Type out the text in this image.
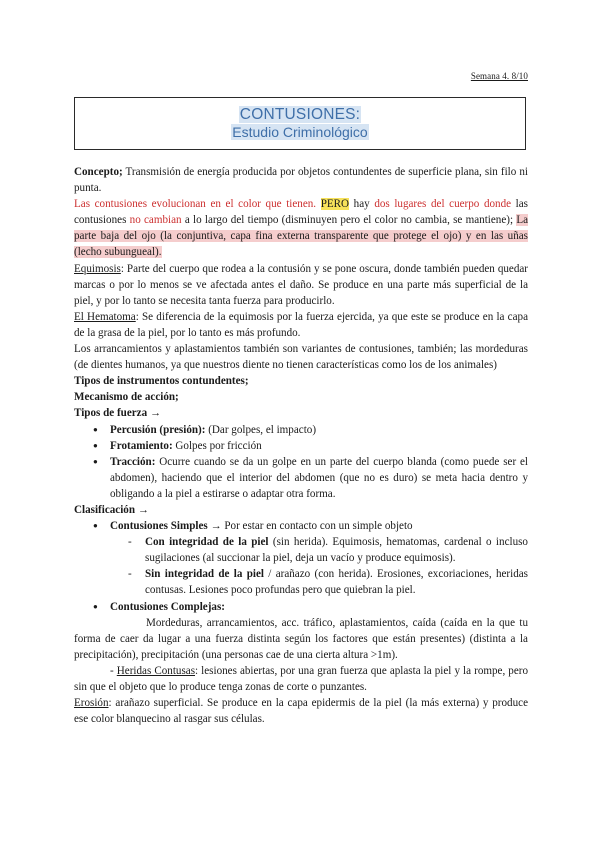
Semana 4. 8/10
CONTUSIONES:
Estudio Criminológico

Concepto; Transmisión de energía producida por objetos contundentes de superficie plana, sin filo ni punta.

Las contusiones evolucionan en el color que tienen. PERO hay dos lugares del cuerpo donde las contusiones no cambian a lo largo del tiempo (disminuyen pero el color no cambia, se mantiene); La parte baja del ojo (la conjuntiva, capa fina externa transparente que protege el ojo) y en las uñas (lecho subungueal).

Equimosis: Parte del cuerpo que rodea a la contusión y se pone oscura, donde también pueden quedar marcas o por lo menos se ve afectada antes el daño. Se produce en una parte más superficial de la piel, y por lo tanto se necesita tanta fuerza para producirlo.

El Hematoma: Se diferencia de la equimosis por la fuerza ejercida, ya que este se produce en la capa de la grasa de la piel, por lo tanto es más profundo.

Los arrancamientos y aplastamientos también son variantes de contusiones, también; las mordeduras (de dientes humanos, ya que nuestros diente no tienen características como los de los animales)

Tipos de instrumentos contundentes;

Mecanismo de acción;

Tipos de fuerza →

● Percusión (presión): (Dar golpes, el impacto)
● Frotamiento: Golpes por fricción
● Tracción: Ocurre cuando se da un golpe en un parte del cuerpo blanda (como puede ser el abdomen), haciendo que el interior del abdomen (que no es duro) se meta hacia dentro y obligando a la piel a estirarse o adaptar otra forma.

Clasificación →

● Contusiones Simples → Por estar en contacto con un simple objeto
- Con integridad de la piel (sin herida). Equimosis, hematomas, cardenal o incluso sugilaciones (al succionar la piel, deja un vacío y produce equimosis).
- Sin integridad de la piel / arañazo (con herida). Erosiones, excoriaciones, heridas contusas. Lesiones poco profundas pero que quiebran la piel.
● Contusiones Complejas:

Mordeduras, arrancamientos, acc. tráfico, aplastamientos, caída (caída en la que tu forma de caer da lugar a una fuerza distinta según los factores que están presentes) (distinta a la precipitación), precipitación (una personas cae de una cierta altura >1m).

- Heridas Contusas: lesiones abiertas, por una gran fuerza que aplasta la piel y la rompe, pero sin que el objeto que lo produce tenga zonas de corte o punzantes.

Erosión: arañazo superficial. Se produce en la capa epidermis de la piel (la más externa) y produce ese color blanquecino al rasgar sus células.
